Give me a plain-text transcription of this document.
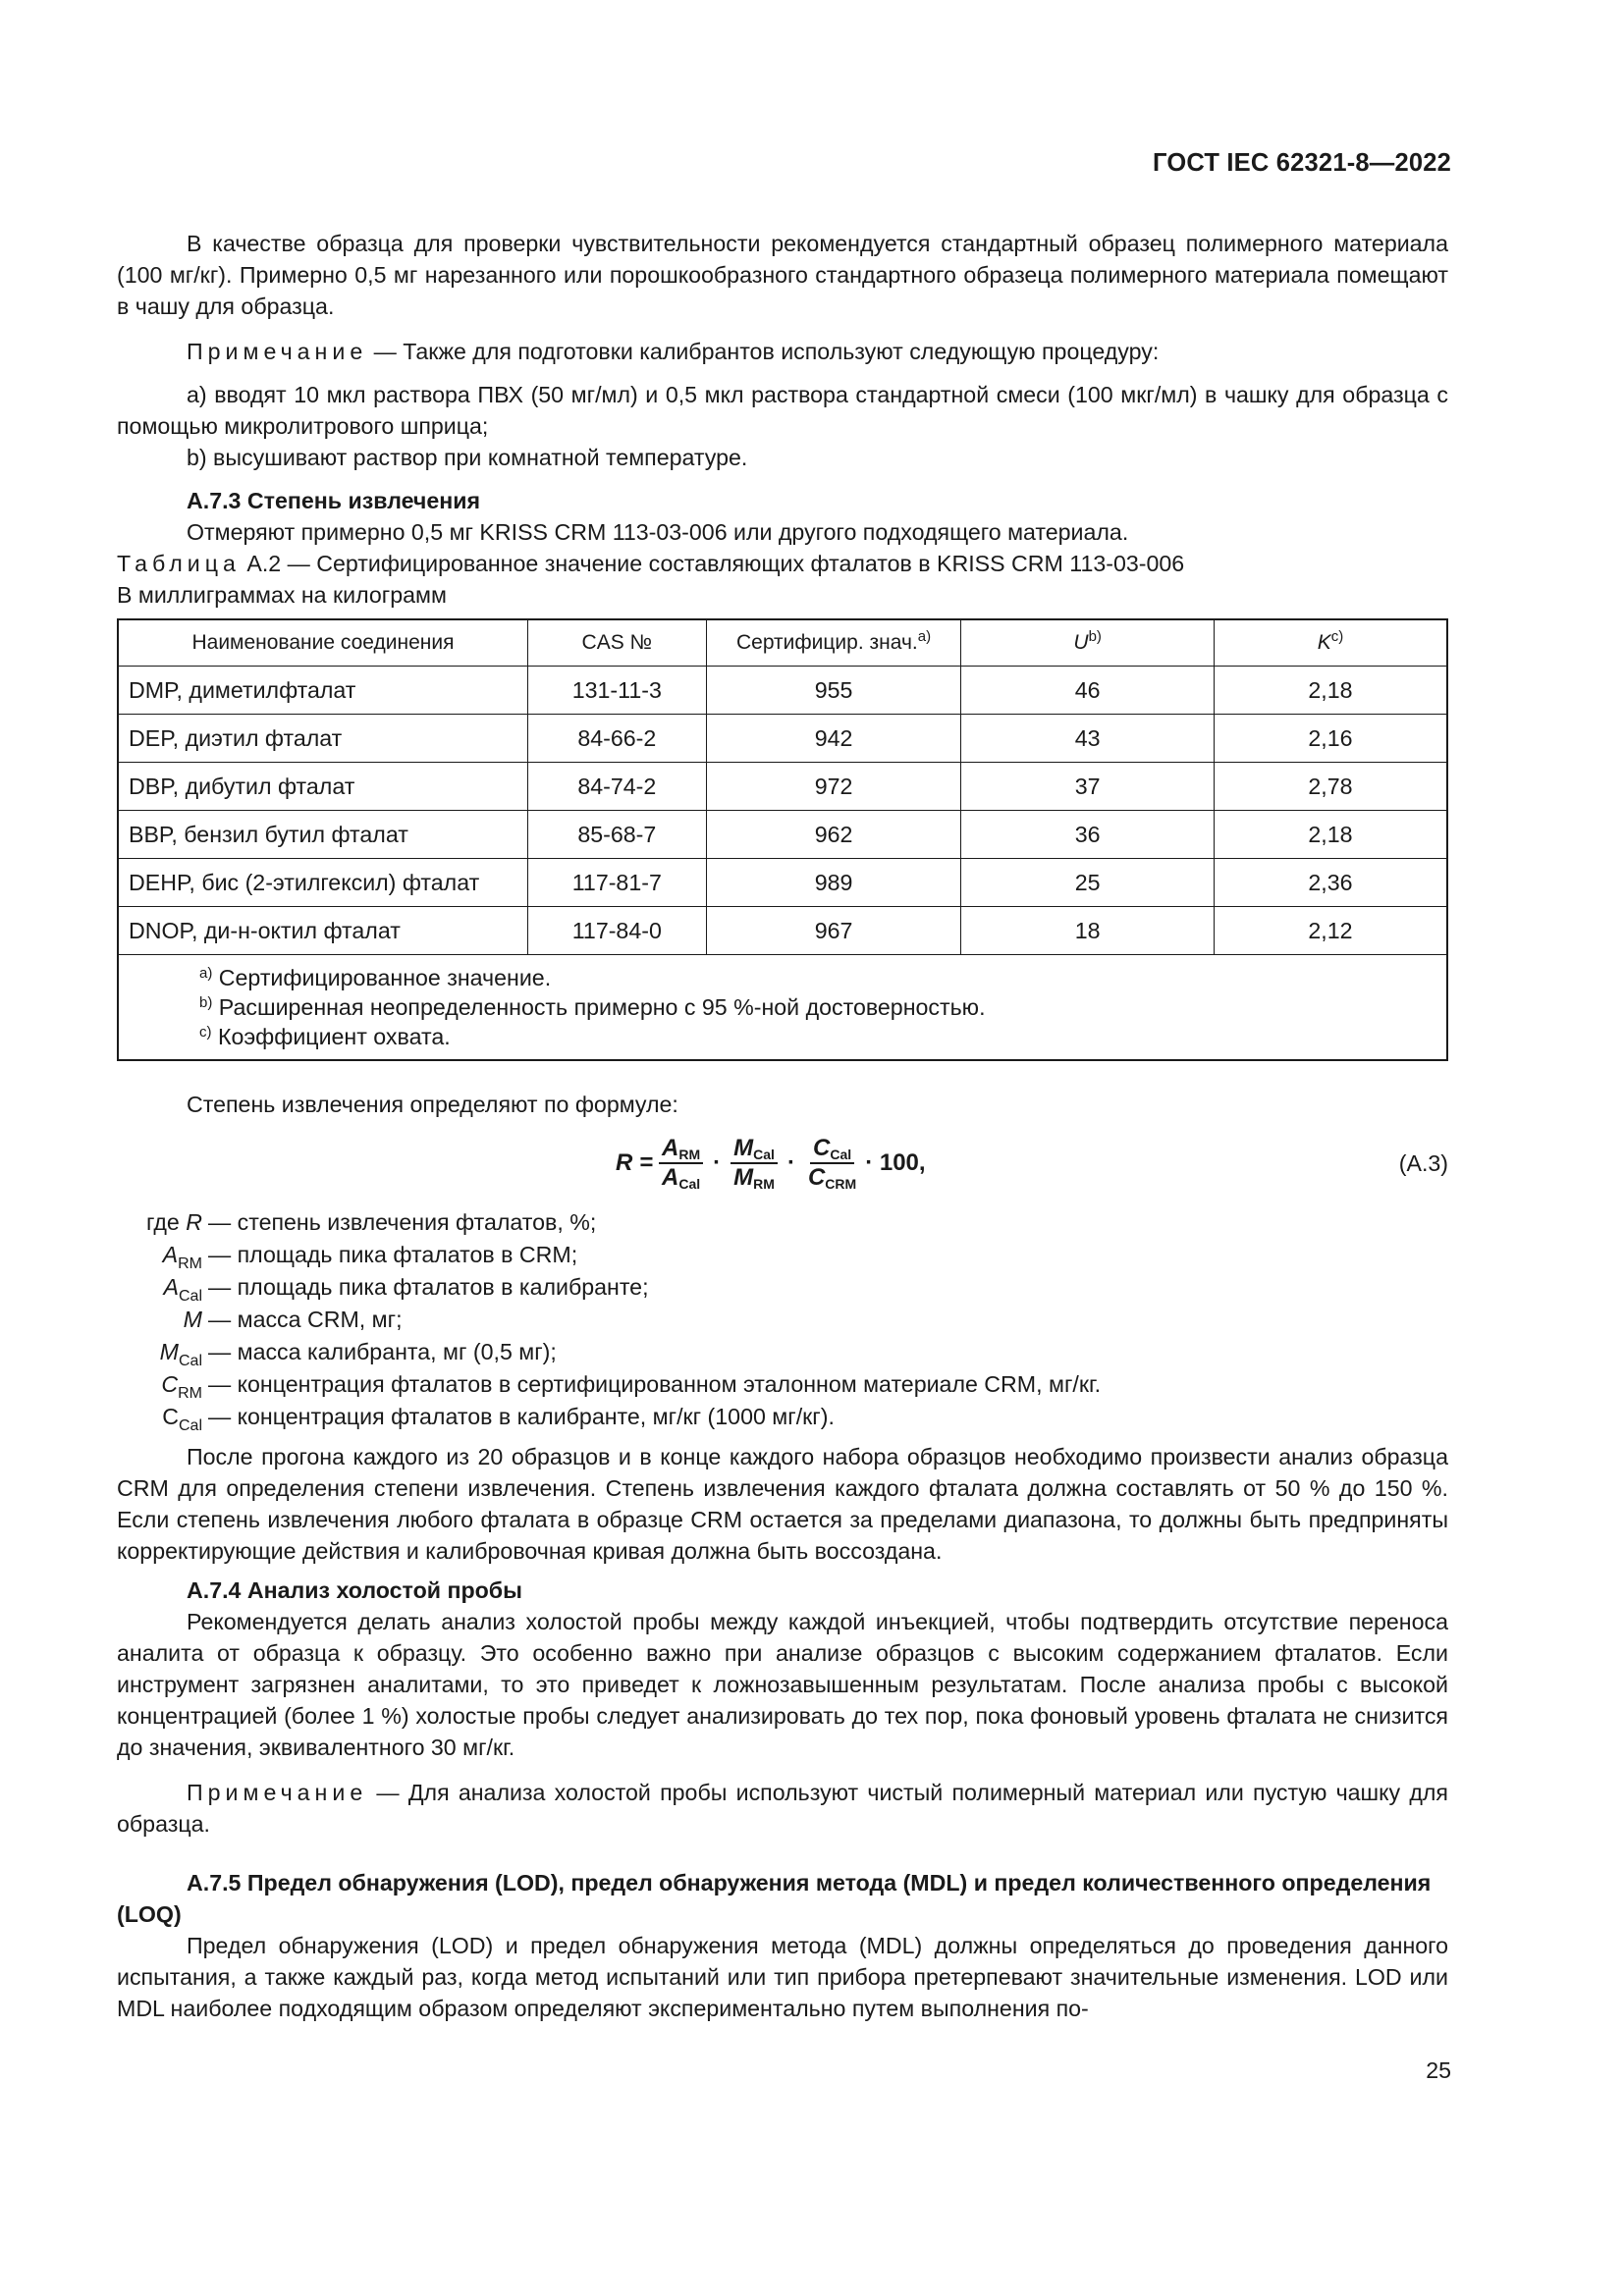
ГОСТ IEC 62321-8—2022

В качестве образца для проверки чувствительности рекомендуется стандартный образец полимерного материала (100 мг/кг). Примерно 0,5 мг нарезанного или порошкообразного стандартного образеца полимерного материала помещают в чашу для образца.

Примечание — Также для подготовки калибрантов используют следующую процедуру:

а) вводят 10 мкл раствора ПВХ (50 мг/мл) и 0,5 мкл раствора стандартной смеси (100 мкг/мл) в чашку для образца с помощью микролитрового шприца;

b) высушивают раствор при комнатной температуре.

А.7.3 Степень извлечения

Отмеряют примерно 0,5 мг KRISS CRM 113-03-006 или другого подходящего материала.

Таблица А.2 — Сертифицированное значение составляющих фталатов в KRISS CRM 113-03-006

В миллиграммах на килограмм

Наименование соединения	CAS №	Сертифицир. знач.$^{а)}$	$U^{b)}$	$K^{c)}$
DMP, диметилфталат	131-11-3	955	46	2,18
DEP, диэтил фталат	84-66-2	942	43	2,16
DBP, дибутил фталат	84-74-2	972	37	2,78
BBP, бензил бутил фталат	85-68-7	962	36	2,18
DEHP, бис (2-этилгексил) фталат	117-81-7	989	25	2,36
DNOP, ди-н-октил фталат	117-84-0	967	18	2,12

$^{а)}$ Сертифицированное значение.
$^{b)}$ Расширенная неопределенность примерно с 95 %-ной достоверностью.
$^{c)}$ Коэффициент охвата.				

Степень извлечения определяют по формуле:

$R = \frac{A_{RM}}{A_{Cal}} \cdot \frac{M_{Cal}}{M_{RM}} \cdot \frac{C_{Cal}}{C_{CRM}} \cdot 100$,	(А.3)
где R — степень извлечения фталатов, %;
$A_{RM}$ — площадь пика фталатов в CRM;
$A_{Cal}$ — площадь пика фталатов в калибранте;
M — масса CRM, мг;
$M_{Cal}$ — масса калибранта, мг (0,5 мг);
$C_{RM}$ — концентрация фталатов в сертифицированном эталонном материале CRM, мг/кг.
$C_{Cal}$ — концентрация фталатов в калибранте, мг/кг (1000 мг/кг).

После прогона каждого из 20 образцов и в конце каждого набора образцов необходимо произвести анализ образца CRM для определения степени извлечения. Степень извлечения каждого фталата должна составлять от 50 % до 150 %. Если степень извлечения любого фталата в образце CRM остается за пределами диапазона, то должны быть предприняты корректирующие действия и калибровочная кривая должна быть воссоздана.

А.7.4 Анализ холостой пробы

Рекомендуется делать анализ холостой пробы между каждой инъекцией, чтобы подтвердить отсутствие переноса аналита от образца к образцу. Это особенно важно при анализе образцов с высоким содержанием фталатов. Если инструмент загрязнен аналитами, то это приведет к ложнозавышенным результатам. После анализа пробы с высокой концентрацией (более 1 %) холостые пробы следует анализировать до тех пор, пока фоновый уровень фталата не снизится до значения, эквивалентного 30 мг/кг.

Примечание — Для анализа холостой пробы используют чистый полимерный материал или пустую чашку для образца.

А.7.5 Предел обнаружения (LOD), предел обнаружения метода (MDL) и предел количественного определения (LOQ)

Предел обнаружения (LOD) и предел обнаружения метода (MDL) должны определяться до проведения данного испытания, а также каждый раз, когда метод испытаний или тип прибора претерпевают значительные изменения. LOD или MDL наиболее подходящим образом определяют экспериментально путем выполнения по-

25
